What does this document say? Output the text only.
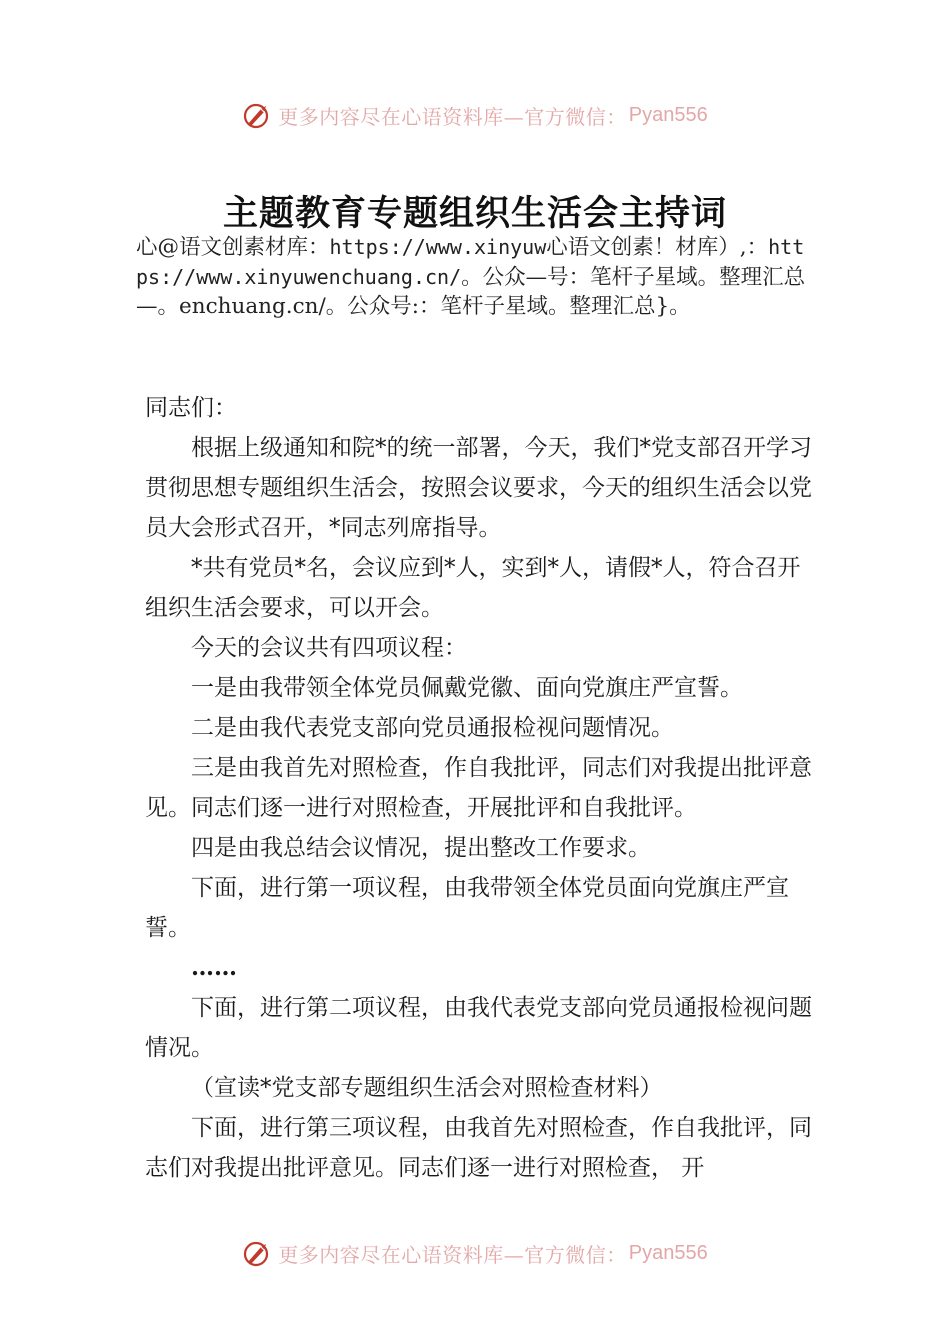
更多内容尽在心语资料库—官方微信： Pyan556
主题教育专题组织生活会主持词

心@语文创素材库：https://www.xinyuw心语文创素！材库）,：https://www.xinyuwenchuang.cn/。公众—号：笔杆子星域。整理汇总—。enchuang.cn/。公众号:：笔杆子星域。整理汇总}。

同志们：

根据上级通知和院*的统一部署，今天，我们*党支部召开学习贯彻思想专题组织生活会，按照会议要求，今天的组织生活会以党员大会形式召开，*同志列席指导。

*共有党员*名，会议应到*人，实到*人，请假*人，符合召开组织生活会要求，可以开会。

今天的会议共有四项议程：

一是由我带领全体党员佩戴党徽、面向党旗庄严宣誓。

二是由我代表党支部向党员通报检视问题情况。

三是由我首先对照检查，作自我批评，同志们对我提出批评意见。同志们逐一进行对照检查，开展批评和自我批评。

四是由我总结会议情况，提出整改工作要求。

下面，进行第一项议程，由我带领全体党员面向党旗庄严宣誓。

……

下面，进行第二项议程，由我代表党支部向党员通报检视问题情况。

（宣读*党支部专题组织生活会对照检查材料）

下面，进行第三项议程，由我首先对照检查，作自我批评，同志们对我提出批评意见。同志们逐一进行对照检查， 开

更多内容尽在心语资料库—官方微信： Pyan556
